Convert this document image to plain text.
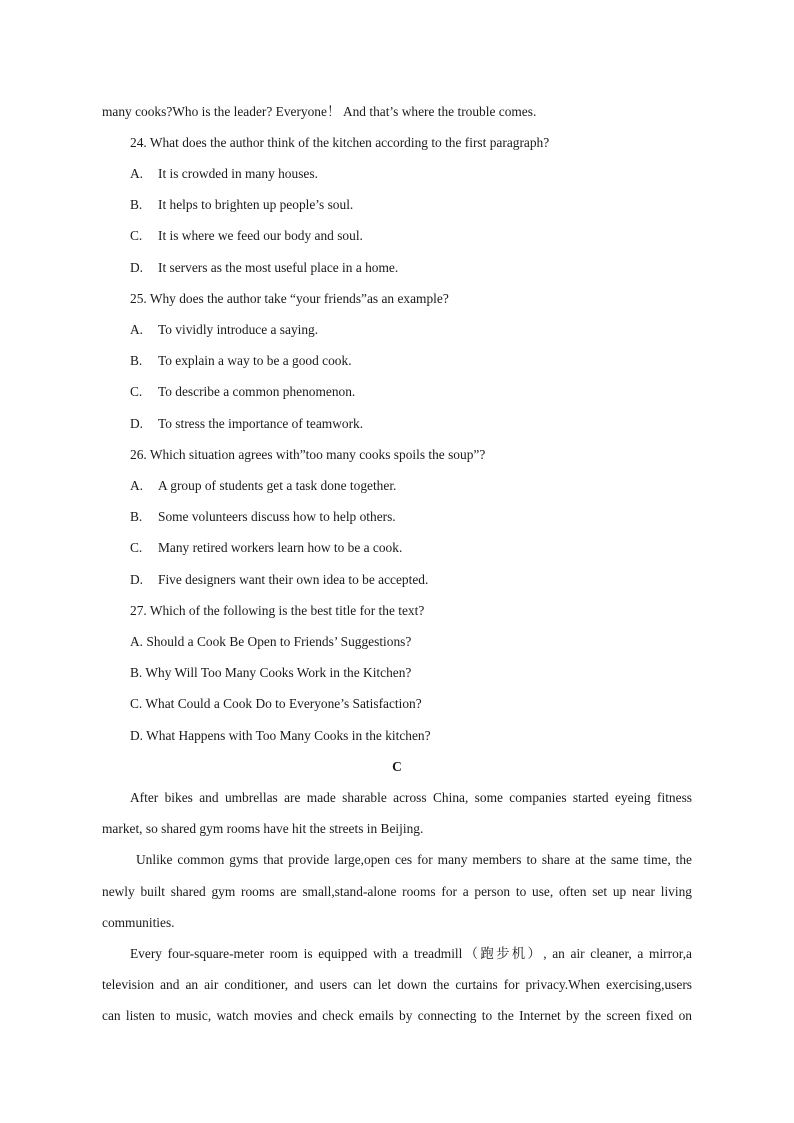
many cooks?Who is the leader? Everyone！ And that’s where the trouble comes.
24. What does the author think of the kitchen according to the first paragraph?
A. It is crowded in many houses.
B. It helps to brighten up people’s soul.
C. It is where we feed our body and soul.
D. It servers as the most useful place in a home.
25. Why does the author take “your friends”as an example?
A. To vividly introduce a saying.
B. To explain a way to be a good cook.
C. To describe a common phenomenon.
D. To stress the importance of teamwork.
26. Which situation agrees with”too many cooks spoils the soup”?
A. A group of students get a task done together.
B. Some volunteers discuss how to help others.
C. Many retired workers learn how to be a cook.
D. Five designers want their own idea to be accepted.
27. Which of the following is the best title for the text?
A. Should a Cook Be Open to Friends’ Suggestions?
B. Why Will Too Many Cooks Work in the Kitchen?
C. What Could a Cook Do to Everyone’s Satisfaction?
D. What Happens with Too Many Cooks in the kitchen?
C
After bikes and umbrellas are made sharable across China, some companies started eyeing fitness
market, so shared gym rooms have hit the streets in Beijing.
Unlike common gyms that provide large,open ces for many members to share at the same time, the
newly built shared gym rooms are small,stand-alone rooms for a person to use, often set up near living
communities.
Every four-square-meter room is equipped with a treadmill（跑步机）, an air cleaner, a mirror,a
television and an air conditioner, and users can let down the curtains for privacy.When exercising,users
can listen to music, watch movies and check emails by connecting to the Internet by the screen fixed on
